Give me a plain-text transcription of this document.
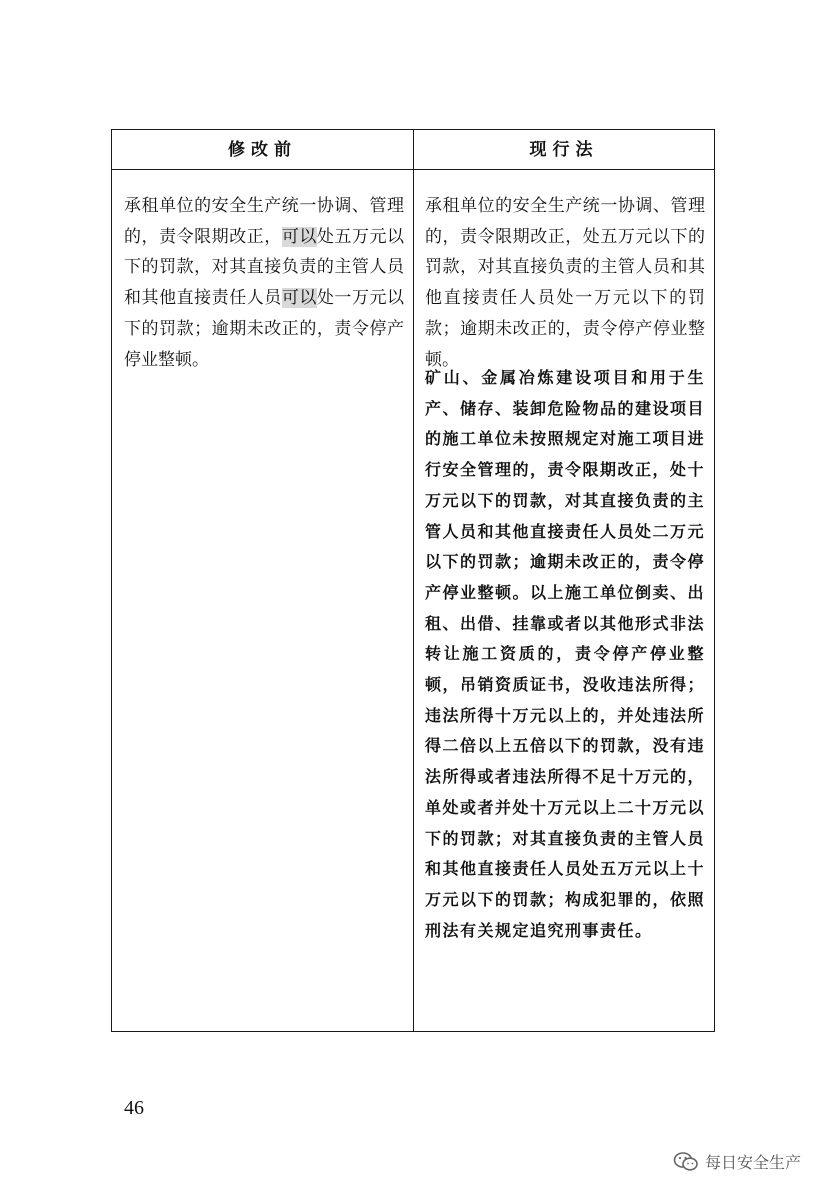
修改前	现行法

承租单位的安全生产统一协调、管理的，责令限期改正，可以处五万元以下的罚款，对其直接负责的主管人员和其他直接责任人员可以处一万元以下的罚款；逾期未改正的，责令停产停业整顿。

承租单位的安全生产统一协调、管理的，责令限期改正，处五万元以下的罚款，对其直接负责的主管人员和其他直接责任人员处一万元以下的罚款；逾期未改正的，责令停产停业整顿。

矿山、金属冶炼建设项目和用于生产、储存、装卸危险物品的建设项目的施工单位未按照规定对施工项目进行安全管理的，责令限期改正，处十万元以下的罚款，对其直接负责的主管人员和其他直接责任人员处二万元以下的罚款；逾期未改正的，责令停产停业整顿。以上施工单位倒卖、出租、出借、挂靠或者以其他形式非法转让施工资质的，责令停产停业整顿，吊销资质证书，没收违法所得；违法所得十万元以上的，并处违法所得二倍以上五倍以下的罚款，没有违法所得或者违法所得不足十万元的，单处或者并处十万元以上二十万元以下的罚款；对其直接负责的主管人员和其他直接责任人员处五万元以上十万元以下的罚款；构成犯罪的，依照刑法有关规定追究刑事责任。

46
每日安全生产
